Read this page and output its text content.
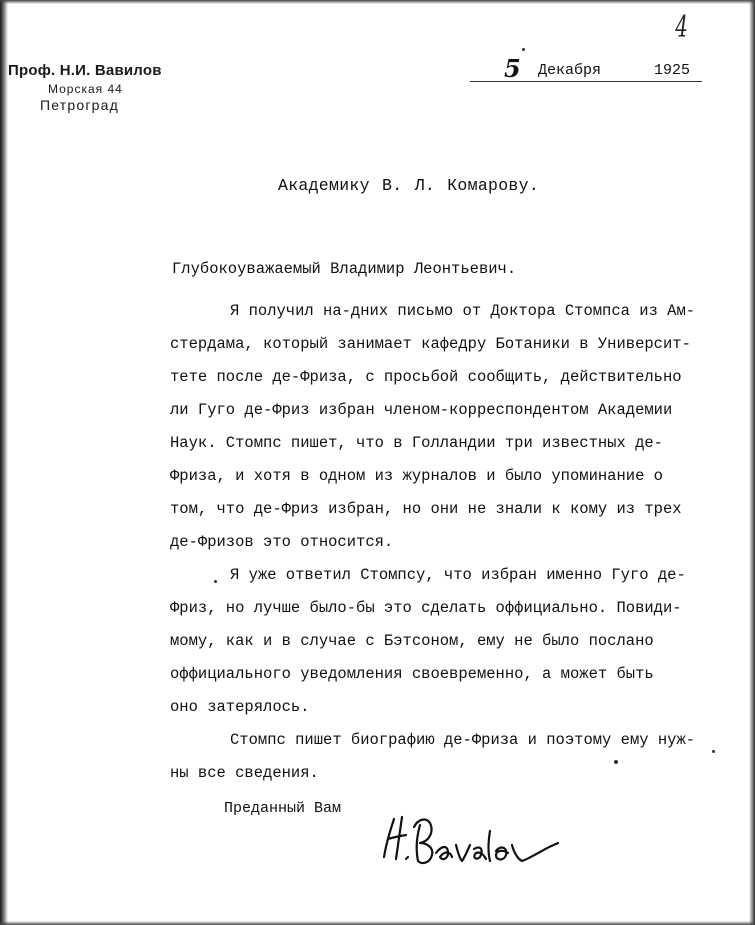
Проф. Н.И. Вавилов
Морская 44
Петроград
4
5 Декабря	1925
Академику В. Л. Комарову.
Глубокоуважаемый Владимир Леонтьевич.
Я получил на-дних письмо от Доктора Стомпса из Ам-
стердама, который занимает кафедру Ботаники в Университ-
тете после де-Фриза, с просьбой сообщить, действительно
ли Гуго де-Фриз избран членом-корреспондентом Академии
Наук. Стомпс пишет, что в Голландии три известных де-
Фриза, и хотя в одном из журналов и было упоминание о
том, что де-Фриз избран, но они не знали к кому из трех
де-Фризов это относится.
Я уже ответил Стомпсу, что избран именно Гуго де-
Фриз, но лучше было-бы это сделать оффициально. Повиди-
мому, как и в случае с Бэтсоном, ему не было послано
оффициального уведомления своевременно, а может быть
оно затерялось.
Стомпс пишет биографию де-Фриза и поэтому ему нуж-
ны все сведения.
Преданный Вам
